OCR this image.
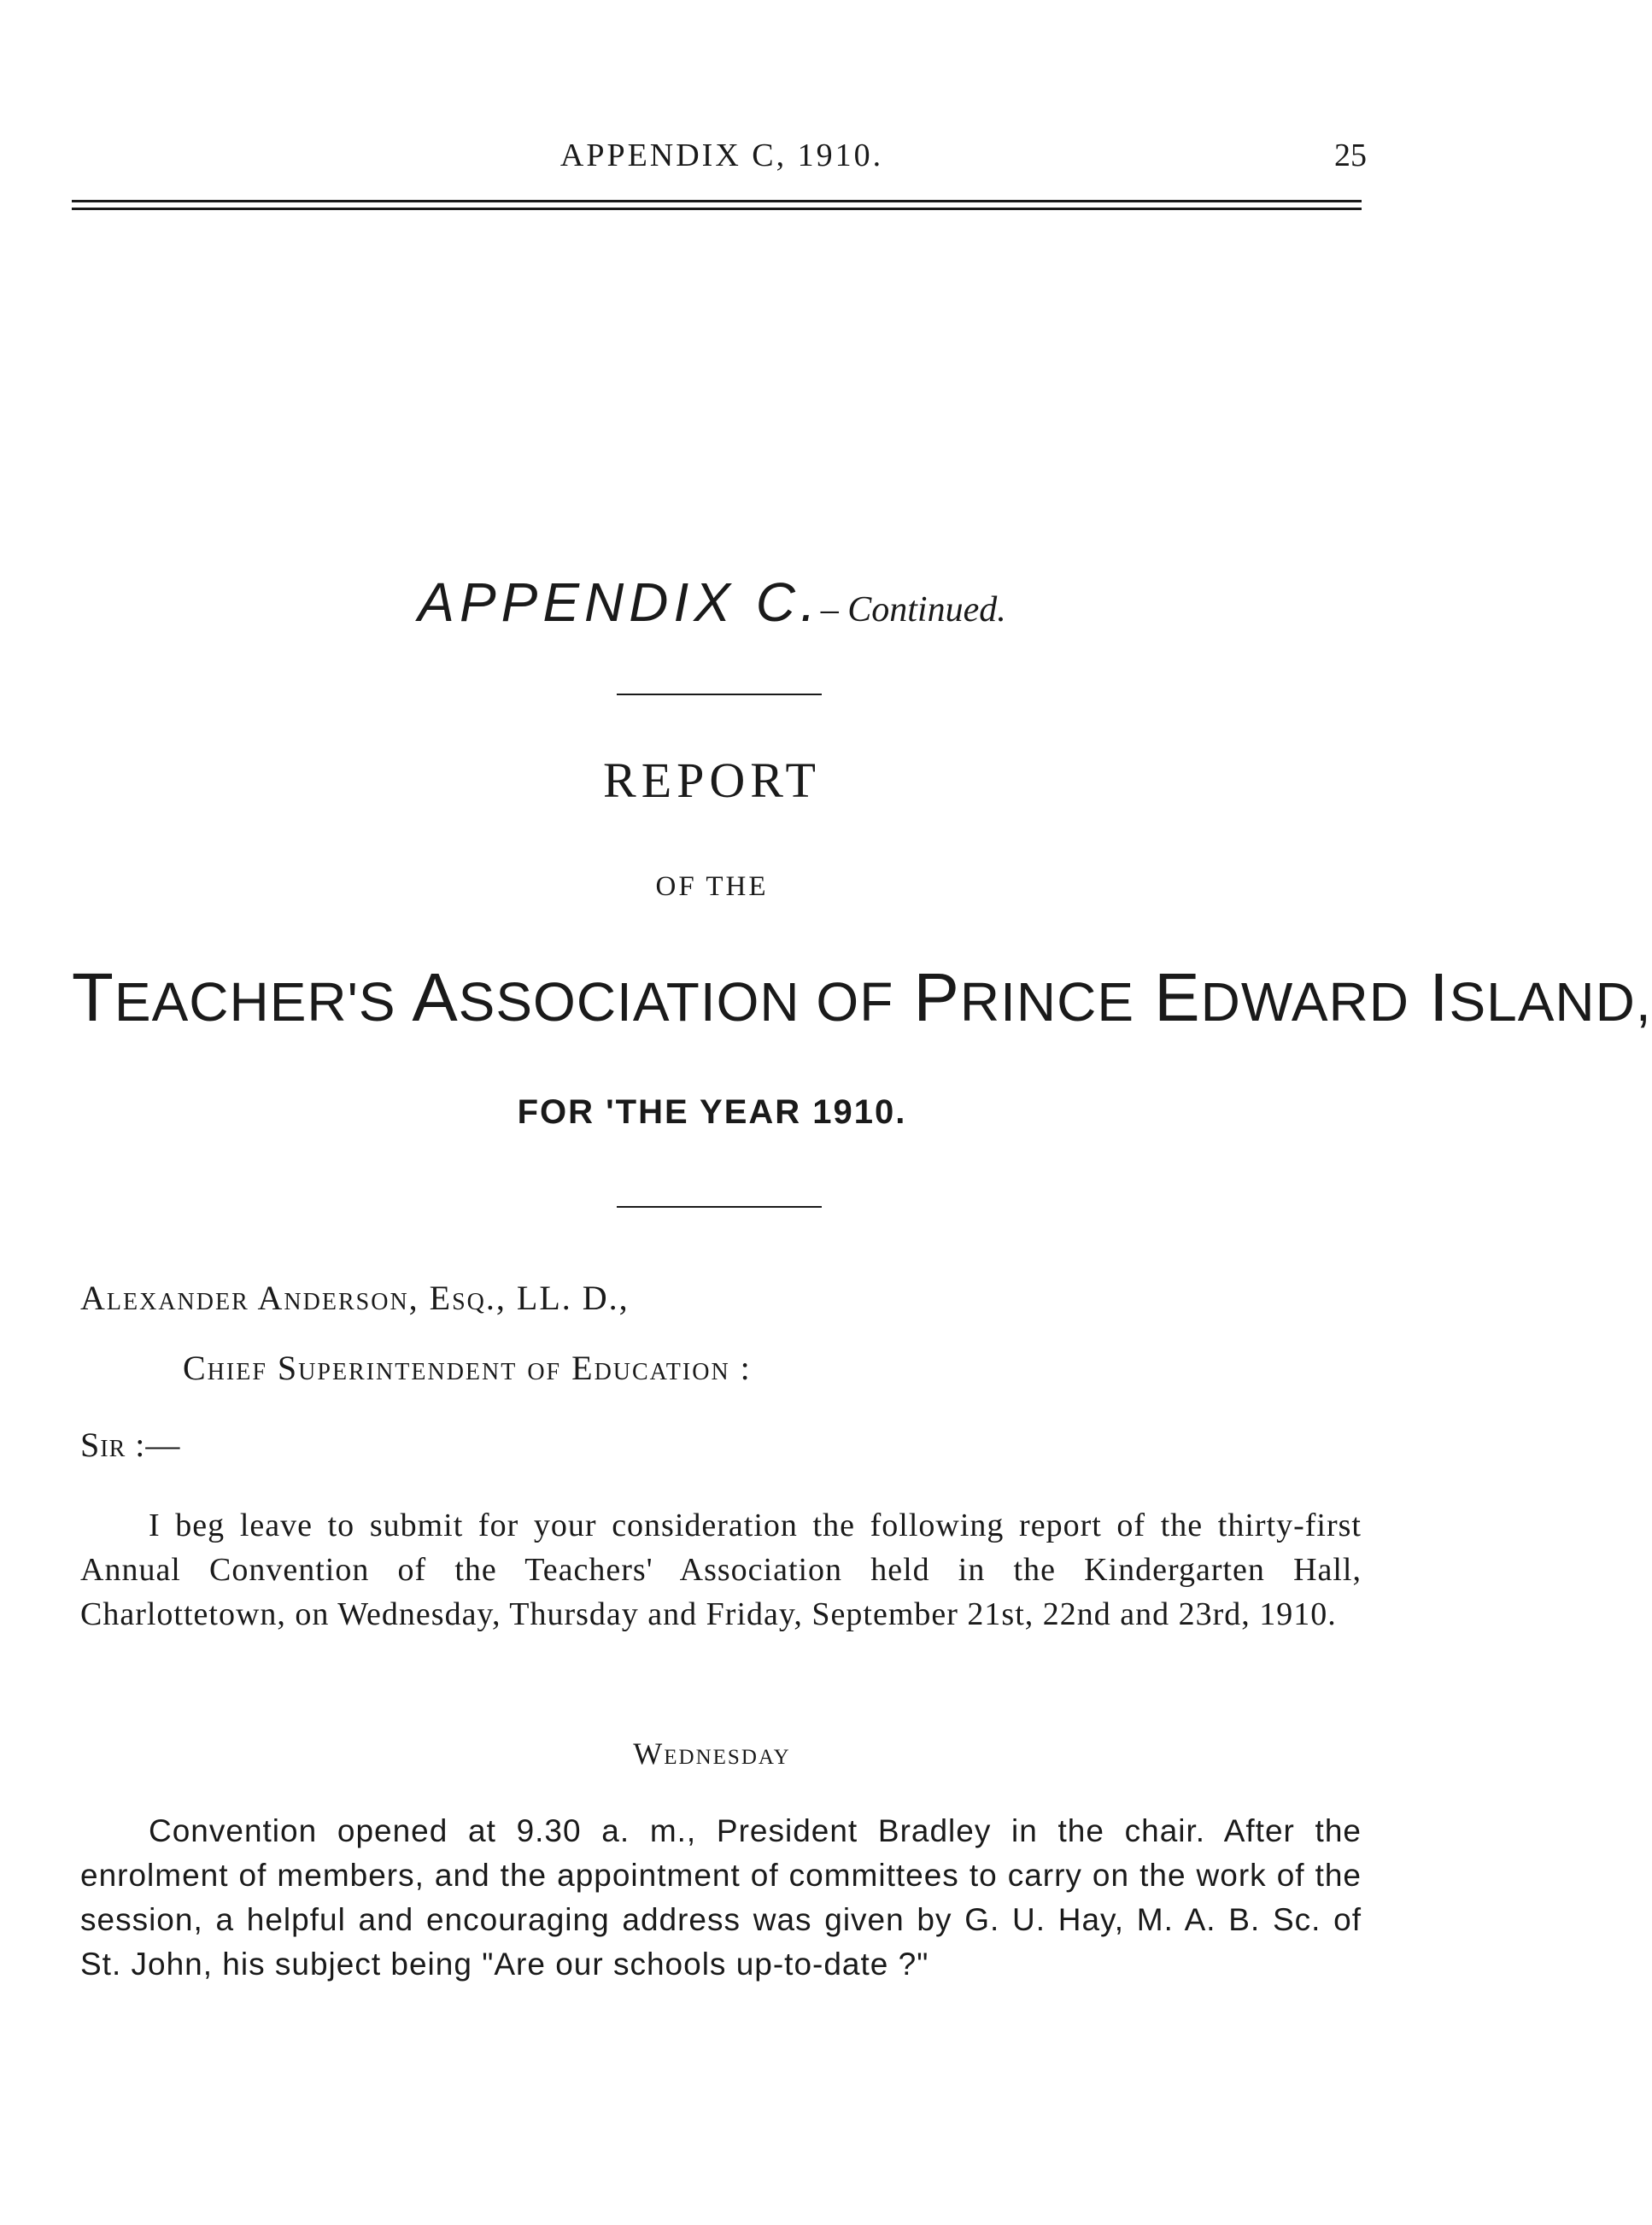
APPENDIX C, 1910.	25
APPENDIX C.– Continued.
REPORT
OF THE
TEACHER'S ASSOCIATION OF PRINCE EDWARD ISLAND,
FOR 'THE YEAR 1910.
Alexander Anderson, Esq., LL. D.,
Chief Superintendent of Education :
Sir :—

I beg leave to submit for your consideration the following report of the thirty-first Annual Convention of the Teachers' Association held in the Kindergarten Hall, Charlottetown, on Wednesday, Thursday and Friday, September 21st, 22nd and 23rd, 1910.

Wednesday

Convention opened at 9.30 a. m., President Bradley in the chair. After the enrolment of members, and the appointment of committees to carry on the work of the session, a helpful and encouraging address was given by G. U. Hay, M. A. B. Sc. of St. John, his subject being "Are our schools up-to-date ?"
